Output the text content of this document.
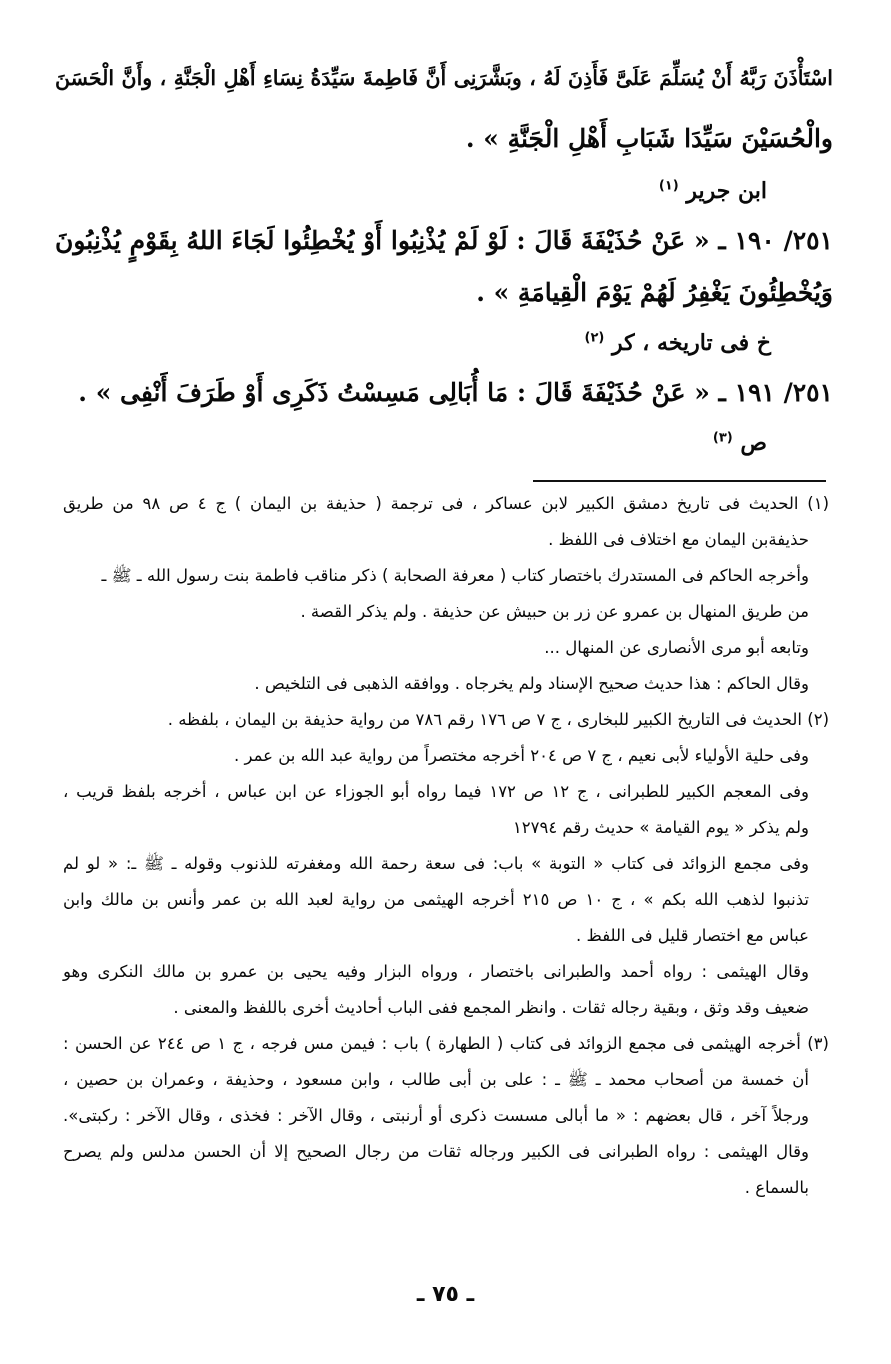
اسْتَأْذَنَ رَبَّهُ أَنْ يُسَلِّمَ عَلَىَّ فَأَذِنَ لَهُ ، وبَشَّرَنِى أَنَّ فَاطِمةَ سَيِّدَةُ نِسَاءِ أَهْلِ الْجَنَّةِ ، وأَنَّ الْحَسَنَ
والْحُسَيْنَ سَيِّدَا شَبَابِ أَهْلِ الْجَنَّةِ » .
ابن جرير $^{(١)}$
٢٥١/ ١٩٠ ـ « عَنْ حُذَيْفَةَ قَالَ : لَوْ لَمْ يُذْنِبُوا أَوْ يُخْطِئُوا لَجَاءَ اللهُ بِقَوْمٍ يُذْنِبُونَ
وَيُخْطِئُونَ يَغْفِرُ لَهُمْ يَوْمَ الْقِيامَةِ » .
خ فى تاريخه ، كر $^{(٢)}$
٢٥١/ ١٩١ ـ « عَنْ حُذَيْفَةَ قَالَ : مَا أُبَالِى مَسِسْتُ ذَكَرِى أَوْ طَرَفَ أَنْفِى » .
ص $^{(٣)}$
(١) الحديث فى تاريخ دمشق الكبير لابن عساكر ، فى ترجمة ( حذيفة بن اليمان ) ج ٤ ص ٩٨ من طريق
حذيفةبن اليمان مع اختلاف فى اللفظ .
وأخرجه الحاكم فى المستدرك باختصار كتاب ( معرفة الصحابة ) ذكر مناقب فاطمة بنت رسول الله ـ ﷺ ـ
من طريق المنهال بن عمرو عن زر بن حبيش عن حذيفة . ولم يذكر القصة .
وتابعه أبو مرى الأنصارى عن المنهال ...
وقال الحاكم : هذا حديث صحيح الإسناد ولم يخرجاه . ووافقه الذهبى فى التلخيص .
(٢) الحديث فى التاريخ الكبير للبخارى ، ج ٧ ص ١٧٦ رقم ٧٨٦ من رواية حذيفة بن اليمان ، بلفظه .
وفى حلية الأولياء لأبى نعيم ، ج ٧ ص ٢٠٤ أخرجه مختصراً من رواية عبد الله بن عمر .
وفى المعجم الكبير للطبرانى ، ج ١٢ ص ١٧٢ فيما رواه أبو الجوزاء عن ابن عباس ، أخرجه بلفظ قريب ،
ولم يذكر « يوم القيامة » حديث رقم ١٢٧٩٤
وفى مجمع الزوائد فى كتاب « التوبة » باب: فى سعة رحمة الله ومغفرته للذنوب وقوله ـ ﷺ ـ: « لو لم
تذنبوا لذهب الله بكم » ، ج ١٠ ص ٢١٥ أخرجه الهيثمى من رواية لعبد الله بن عمر وأنس بن مالك وابن
عباس مع اختصار قليل فى اللفظ .
وقال الهيثمى : رواه أحمد والطبرانى باختصار ، ورواه البزار وفيه يحيى بن عمرو بن مالك النكرى وهو
ضعيف وقد وثق ، وبقية رجاله ثقات . وانظر المجمع ففى الباب أحاديث أخرى باللفظ والمعنى .
(٣) أخرجه الهيثمى فى مجمع الزوائد فى كتاب ( الطهارة ) باب : فيمن مس فرجه ، ج ١ ص ٢٤٤ عن الحسن :
أن خمسة من أصحاب محمد ـ ﷺ ـ : على بن أبى طالب ، وابن مسعود ، وحذيفة ، وعمران بن حصين ،
ورجلاً آخر ، قال بعضهم : « ما أبالى مسست ذكرى أو أرنبتى ، وقال الآخر : فخذى ، وقال الآخر : ركبتى».
وقال الهيثمى : رواه الطبرانى فى الكبير ورجاله ثقات من رجال الصحيح إلا أن الحسن مدلس ولم يصرح
بالسماع .
ـ ٧٥ ـ
